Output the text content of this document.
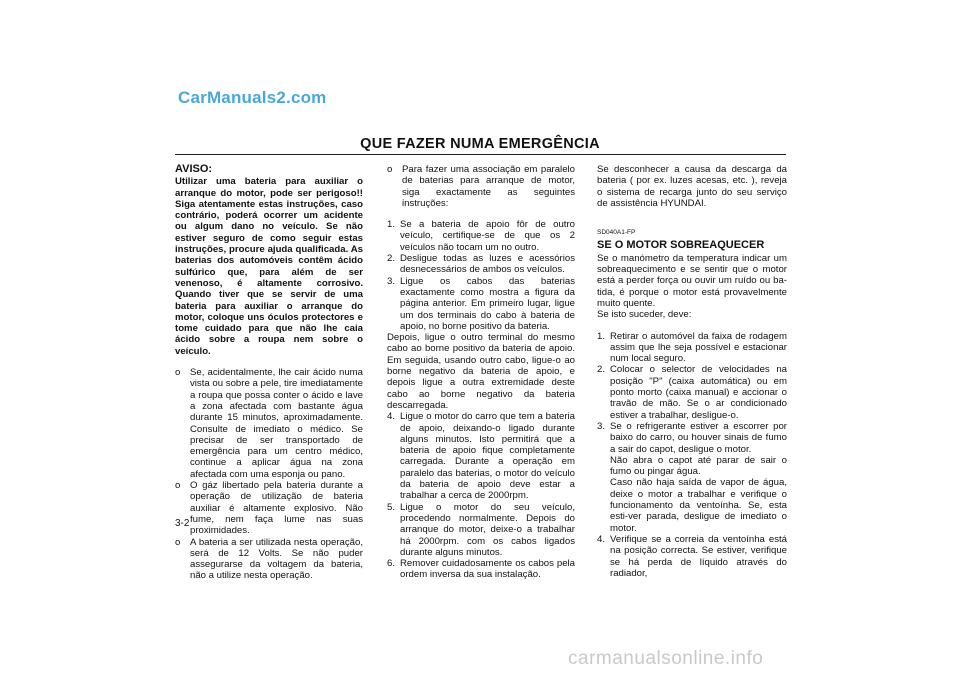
CarManuals2.com
QUE FAZER NUMA EMERGÊNCIA
AVISO:

Utilizar uma bateria para auxiliar o arranque do motor, pode ser perigoso!! Siga atentamente estas instruções, caso contrário, poderá ocorrer um acidente ou algum dano no veículo. Se não estiver seguro de como seguir estas instruções, procure ajuda qualificada. As baterias dos automóveis contêm ácido sulfúrico que, para além de ser venenoso, é altamente corrosivo. Quando tiver que se servir de uma bateria para auxiliar o arranque do motor, coloque uns óculos protectores e tome cuidado para que não lhe caia ácido sobre a roupa nem sobre o veículo.

o Se, acidentalmente, lhe cair ácido numa vista ou sobre a pele, tire imediatamente a roupa que possa conter o ácido e lave a zona afectada com bastante água durante 15 minutos, aproximadamente. Consulte de imediato o médico. Se precisar de ser transportado de emergência para um centro médico, continue a aplicar água na zona afectada com uma esponja ou pano.
o O gáz libertado pela bateria durante a operação de utilização de bateria auxiliar é altamente explosivo. Não fume, nem faça lume nas suas proximidades.
o A bateria a ser utilizada nesta operação, será de 12 Volts. Se não puder assegurarse da voltagem da bateria, não a utilize nesta operação.
o Para fazer uma associação em paralelo de baterias para arranque de motor, siga exactamente as seguintes instruções:
1. Se a bateria de apoio fôr de outro veículo, certifique-se de que os 2 veículos não tocam um no outro.
2. Desligue todas as luzes e acessórios desnecessários de ambos os veículos.
3. Ligue os cabos das baterias exactamente como mostra a figura da página anterior. Em primeiro lugar, ligue um dos terminais do cabo à bateria de apoio, no borne positivo da bateria.

Depois, ligue o outro terminal do mesmo cabo ao borne positivo da bateria de apoio. Em seguida, usando outro cabo, ligue-o ao borne negativo da bateria de apoio, e depois ligue a outra extremidade deste cabo ao borne negativo da bateria descarregada.

4. Ligue o motor do carro que tem a bateria de apoio, deixando-o ligado durante alguns minutos. Isto permitirá que a bateria de apoio fique completamente carregada. Durante a operação em paralelo das baterias, o motor do veículo da bateria de apoio deve estar a trabalhar a cerca de 2000rpm.
5. Ligue o motor do seu veículo, procedendo normalmente. Depois do arranque do motor, deixe-o a trabalhar há 2000rpm. com os cabos ligados durante alguns minutos.
6. Remover cuidadosamente os cabos pela ordem inversa da sua instalação.

Se desconhecer a causa da descarga da bateria ( por ex. luzes acesas, etc. ), reveja o sistema de recarga junto do seu serviço de assistência HYUNDAI.

SD040A1-FP
SE O MOTOR SOBREAQUECER

Se o manómetro da temperatura indicar um sobreaquecimento e se sentir que o motor está a perder força ou ouvir um ruído ou ba-tida, é porque o motor está provavelmente muito quente.

Se isto suceder, deve:

1. Retirar o automóvel da faixa de rodagem assim que lhe seja possível e estacionar num local seguro.
2. Colocar o selector de velocidades na posição "P" (caixa automática) ou em ponto morto (caixa manual) e accionar o travão de mão. Se o ar condicionado estiver a trabalhar, desligue-o.
3. Se o refrigerante estiver a escorrer por baixo do carro, ou houver sinais de fumo a sair do capot, desligue o motor.
Não abra o capot até parar de sair o fumo ou pingar água.
Caso não haja saída de vapor de água, deixe o motor a trabalhar e verifique o funcionamento da ventoínha. Se, esta esti-ver parada, desligue de imediato o motor.
4. Verifique se a correia da ventoínha está na posição correcta. Se estiver, verifique se há perda de líquido através do radiador,
3-2
carmanualsonline.info
